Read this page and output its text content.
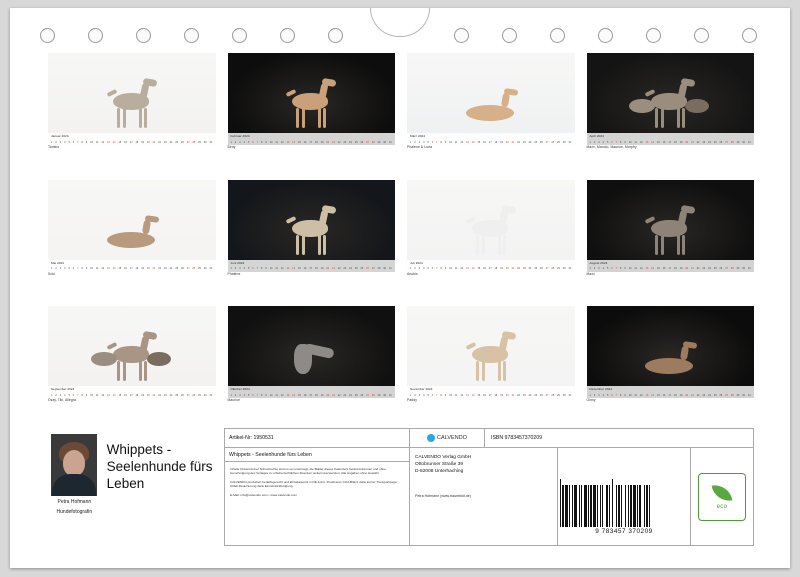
Januar 2024
1 2 3 4 5 6 7 8 9 10 11 12 13 14 15 16 17 18 19 20 21 22 23 24 25 26 27 28 29 30 31
Tamino
Februar 2024
1 2 3 4 5 6 7 8 9 10 11 12 13 14 15 16 17 18 19 20 21 22 23 24 25 26 27 28 29 30 31
Birdy
März 2024
1 2 3 4 5 6 7 8 9 10 11 12 13 14 15 16 17 18 19 20 21 22 23 24 25 26 27 28 29 30 31
Phalène & Luna
April 2024
1 2 3 4 5 6 7 8 9 10 11 12 13 14 15 16 17 18 19 20 21 22 23 24 25 26 27 28 29 30 31
Maxx, Manolo, Maurice, Murphy
Mai 2024
1 2 3 4 5 6 7 8 9 10 11 12 13 14 15 16 17 18 19 20 21 22 23 24 25 26 27 28 29 30 31
Suki
Juni 2024
1 2 3 4 5 6 7 8 9 10 11 12 13 14 15 16 17 18 19 20 21 22 23 24 25 26 27 28 29 30 31
Phalène
Juli 2024
1 2 3 4 5 6 7 8 9 10 11 12 13 14 15 16 17 18 19 20 21 22 23 24 25 26 27 28 29 30 31
Anubis
August 2024
1 2 3 4 5 6 7 8 9 10 11 12 13 14 15 16 17 18 19 20 21 22 23 24 25 26 27 28 29 30 31
Maxx
September 2024
1 2 3 4 5 6 7 8 9 10 11 12 13 14 15 16 17 18 19 20 21 22 23 24 25 26 27 28 29 30 31
Ozzy, Tiki, Allegra
Oktober 2024
1 2 3 4 5 6 7 8 9 10 11 12 13 14 15 16 17 18 19 20 21 22 23 24 25 26 27 28 29 30 31
Maurice
November 2024
1 2 3 4 5 6 7 8 9 10 11 12 13 14 15 16 17 18 19 20 21 22 23 24 25 26 27 28 29 30 31
Paddy
Dezember 2024
1 2 3 4 5 6 7 8 9 10 11 12 13 14 15 16 17 18 19 20 21 22 23 24 25 26 27 28 29 30 31
Ginny
Petra Hofmann
Hundefotografin
Whippets -
Seelenhunde fürs
Leben
Artikel-Nr: 1950531	CALVENDO	ISBN 9783457370209
Whippets - Seelenhunde fürs Leben

Inhalte bzw/einzelner Schutzrechte sind es sei unterwegt, die Blätter dieses Kalenders herauszutrennen und ohne Genehmigung des Verlages zu urheberrechtlichen Zwecken weiterzuverwenden. Alle Angaben ohne Gewähr.

CALVENDO produziert bedarfsgerecht und klimabewusst in DE & EU. Positiveres CO2-Bilanz dank kurzer Transportwege. Abfall-Reduzierung dank Einzelstückfertigung.

E-Mail: info@calvendo.com • www.calvendo.com

CALVENDO Verlag GmbH
Ottobrunner Straße 39
D-82008 Unterhaching
Petra Hofmann (www.traumbild.de)
9 783457 370209
eco
